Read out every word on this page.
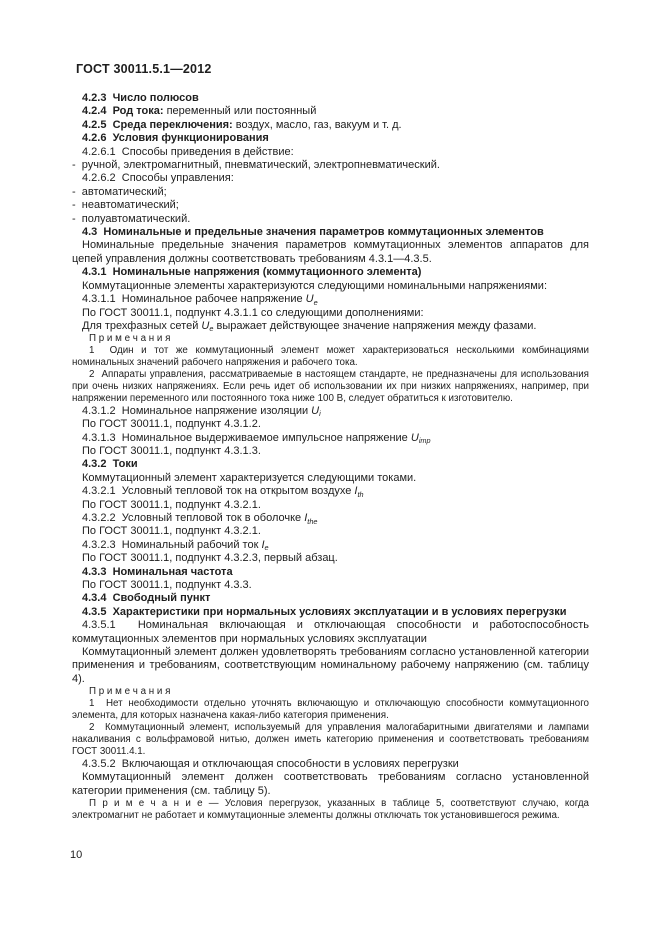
ГОСТ 30011.5.1—2012

4.2.3  Число полюсов

4.2.4  Род тока: переменный или постоянный

4.2.5  Среда переключения: воздух, масло, газ, вакуум и т. д.

4.2.6  Условия функционирования

4.2.6.1  Способы приведения в действие:

-  ручной, электромагнитный, пневматический, электропневматический.

4.2.6.2  Способы управления:

-  автоматический;

-  неавтоматический;

-  полуавтоматический.

4.3  Номинальные и предельные значения параметров коммутационных элементов

Номинальные предельные значения параметров коммутационных элементов аппаратов для цепей управления должны соответствовать требованиям 4.3.1—4.3.5.

4.3.1  Номинальные напряжения (коммутационного элемента)

Коммутационные элементы характеризуются следующими номинальными напряжениями:

4.3.1.1  Номинальное рабочее напряжение $U_e$

По ГОСТ 30011.1, подпункт 4.3.1.1 со следующими дополнениями:

Для трехфазных сетей $U_e$ выражает действующее значение напряжения между фазами.

П р и м е ч а н и я

1  Один и тот же коммутационный элемент может характеризоваться несколькими комбинациями номинальных значений рабочего напряжения и рабочего тока.

2  Аппараты управления, рассматриваемые в настоящем стандарте, не предназначены для использования при очень низких напряжениях. Если речь идет об использовании их при низких напряжениях, например, при напряжении переменного или постоянного тока ниже 100 В, следует обратиться к изготовителю.

4.3.1.2  Номинальное напряжение изоляции $U_i$

По ГОСТ 30011.1, подпункт 4.3.1.2.

4.3.1.3  Номинальное выдерживаемое импульсное напряжение $U_{imp}$

По ГОСТ 30011.1, подпункт 4.3.1.3.

4.3.2  Токи

Коммутационный элемент характеризуется следующими токами.

4.3.2.1  Условный тепловой ток на открытом воздухе $I_{th}$

По ГОСТ 30011.1, подпункт 4.3.2.1.

4.3.2.2  Условный тепловой ток в оболочке $I_{the}$

По ГОСТ 30011.1, подпункт 4.3.2.1.

4.3.2.3  Номинальный рабочий ток $I_e$

По ГОСТ 30011.1, подпункт 4.3.2.3, первый абзац.

4.3.3  Номинальная частота

По ГОСТ 30011.1, подпункт 4.3.3.

4.3.4  Свободный пункт

4.3.5  Характеристики при нормальных условиях эксплуатации и в условиях перегрузки

4.3.5.1  Номинальная включающая и отключающая способности и работоспособность коммутационных элементов при нормальных условиях эксплуатации

Коммутационный элемент должен удовлетворять требованиям согласно установленной категории применения и требованиям, соответствующим номинальному рабочему напряжению (см. таблицу 4).

П р и м е ч а н и я

1  Нет необходимости отдельно уточнять включающую и отключающую способности коммутационного элемента, для которых назначена какая-либо категория применения.

2  Коммутационный элемент, используемый для управления малогабаритными двигателями и лампами накаливания с вольфрамовой нитью, должен иметь категорию применения и соответствовать требованиям ГОСТ 30011.4.1.

4.3.5.2  Включающая и отключающая способности в условиях перегрузки

Коммутационный элемент должен соответствовать требованиям согласно установленной категории применения (см. таблицу 5).

П р и м е ч а н и е — Условия перегрузок, указанных в таблице 5, соответствуют случаю, когда электромагнит не работает и коммутационные элементы должны отключать ток установившегося режима.

10
